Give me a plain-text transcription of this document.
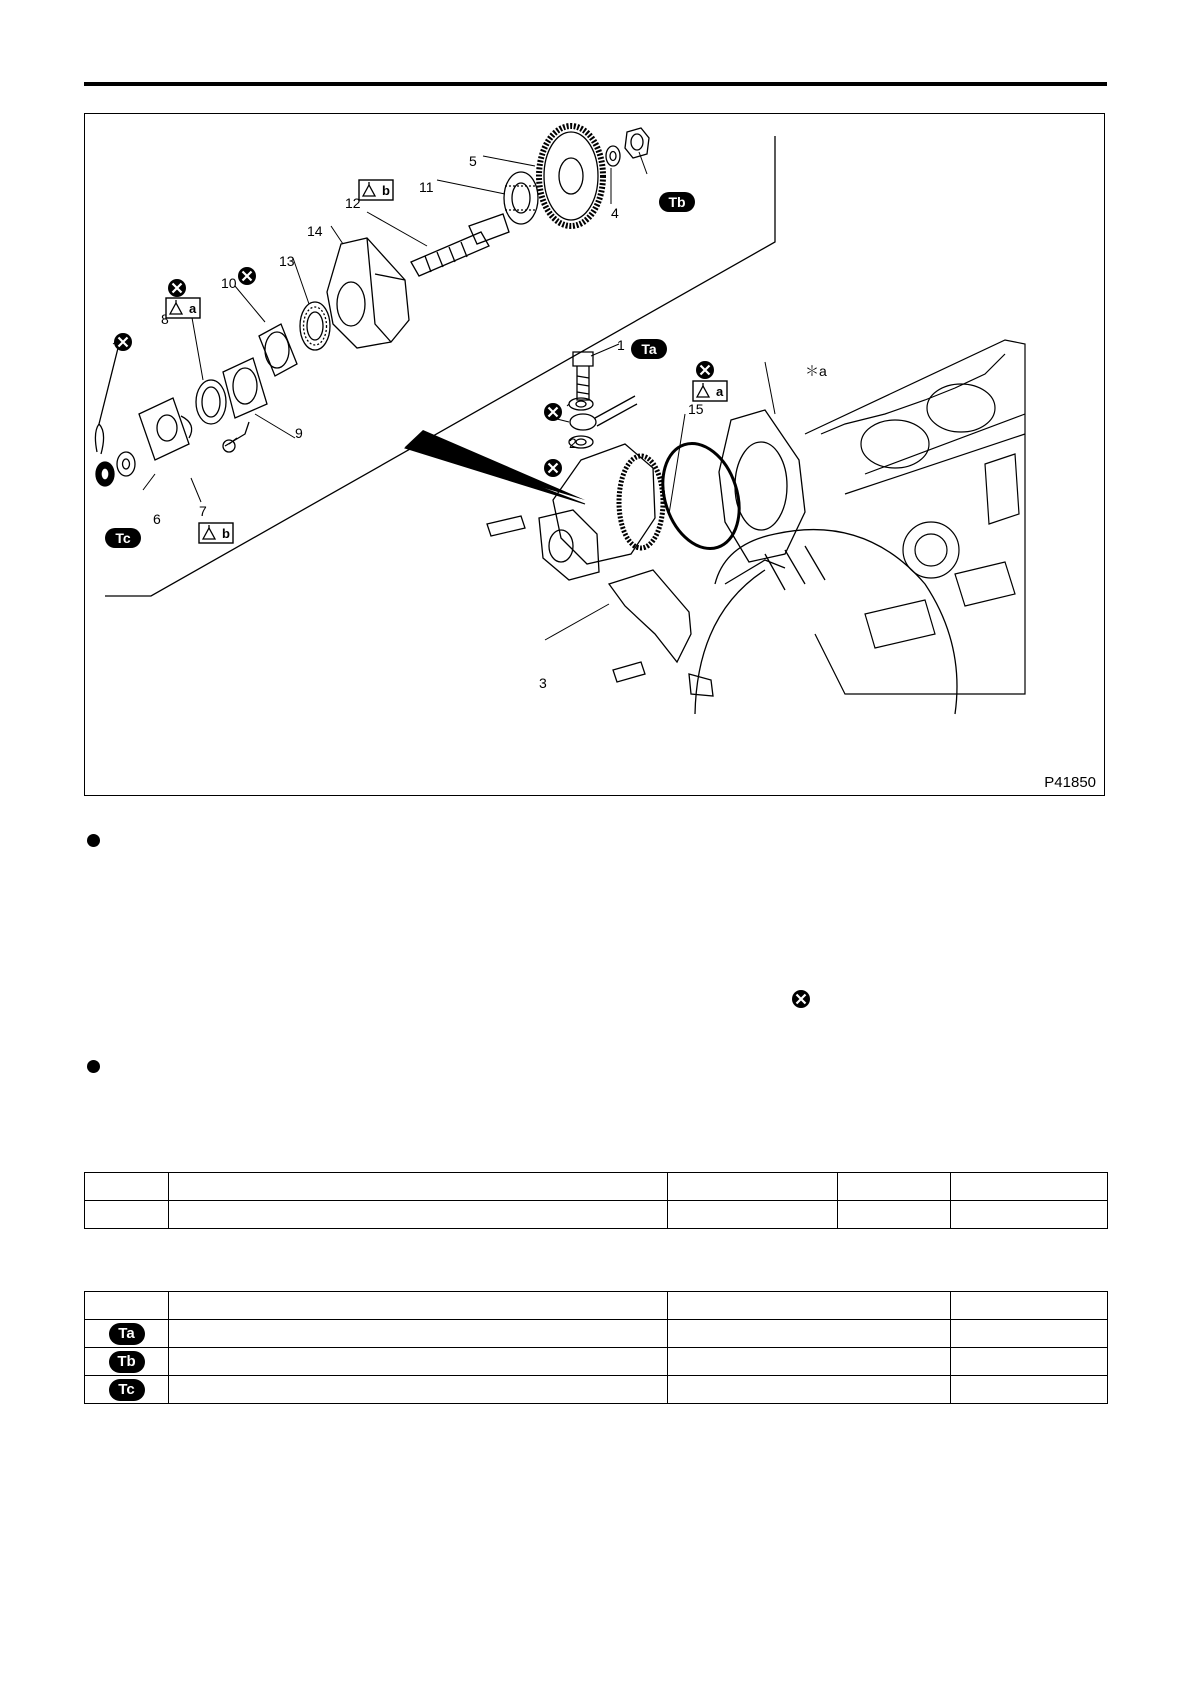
5
11
12
14
13
10
8
4
9
6	7
1
2
3
15
＊a
a
b
b
a
Ta
Tb
Tc
P41850

Ta			
Tb			
Tc			
